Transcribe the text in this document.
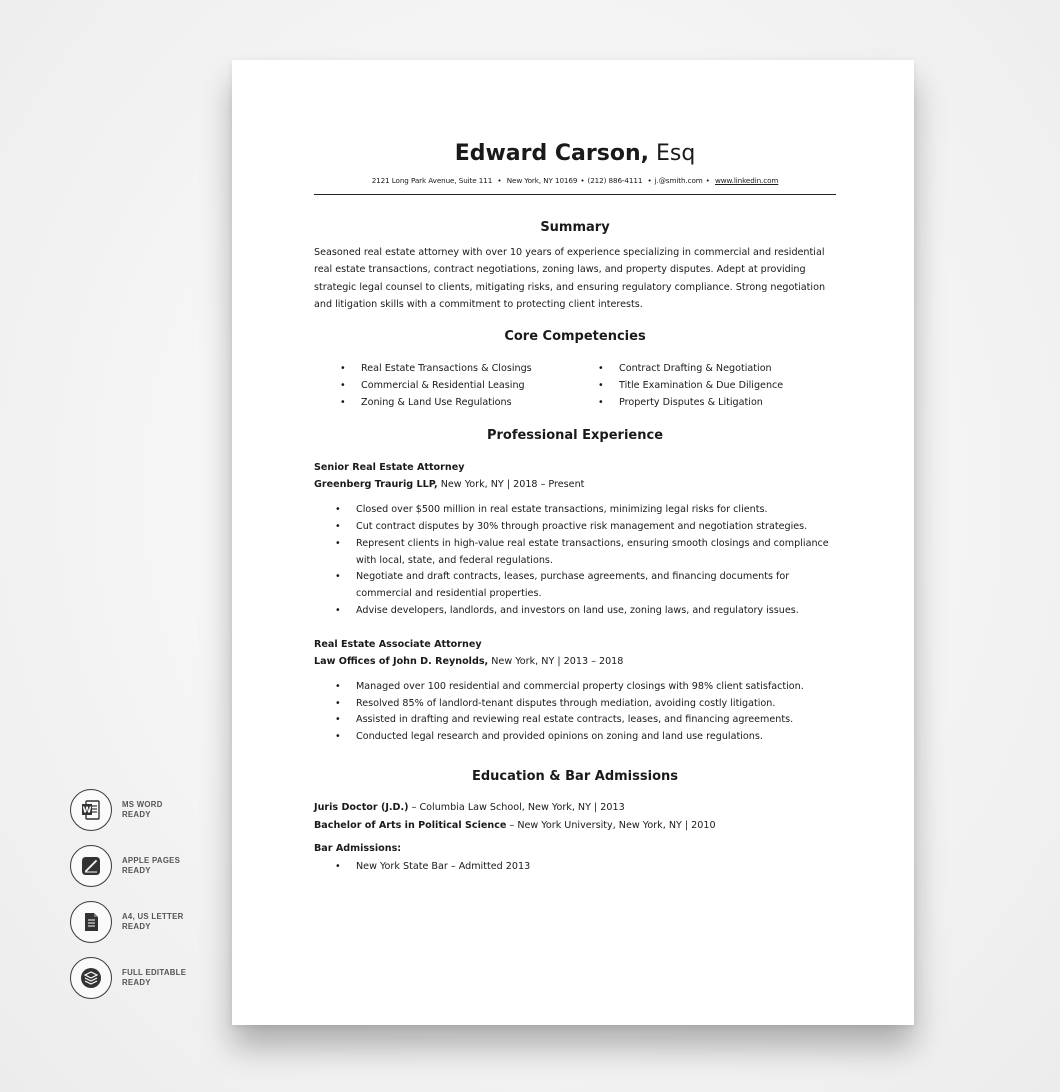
Edward Carson, Esq
2121 Long Park Avenue, Suite 111 • New York, NY 10169 • (212) 886-4111 • j.@smith.com • www.linkedin.com
Summary
Seasoned real estate attorney with over 10 years of experience specializing in commercial and residential real estate transactions, contract negotiations, zoning laws, and property disputes. Adept at providing strategic legal counsel to clients, mitigating risks, and ensuring regulatory compliance. Strong negotiation and litigation skills with a commitment to protecting client interests.
Core Competencies
• Real Estate Transactions & Closings
• Commercial & Residential Leasing
• Zoning & Land Use Regulations
• Contract Drafting & Negotiation
• Title Examination & Due Diligence
• Property Disputes & Litigation
Professional Experience
Senior Real Estate Attorney
Greenberg Traurig LLP, New York, NY | 2018 – Present
• Closed over $500 million in real estate transactions, minimizing legal risks for clients.
• Cut contract disputes by 30% through proactive risk management and negotiation strategies.
• Represent clients in high-value real estate transactions, ensuring smooth closings and compliance with local, state, and federal regulations.
• Negotiate and draft contracts, leases, purchase agreements, and financing documents for commercial and residential properties.
• Advise developers, landlords, and investors on land use, zoning laws, and regulatory issues.
Real Estate Associate Attorney
Law Offices of John D. Reynolds, New York, NY | 2013 – 2018
• Managed over 100 residential and commercial property closings with 98% client satisfaction.
• Resolved 85% of landlord-tenant disputes through mediation, avoiding costly litigation.
• Assisted in drafting and reviewing real estate contracts, leases, and financing agreements.
• Conducted legal research and provided opinions on zoning and land use regulations.
Education & Bar Admissions
Juris Doctor (J.D.) – Columbia Law School, New York, NY | 2013
Bachelor of Arts in Political Science – New York University, New York, NY | 2010
Bar Admissions:
• New York State Bar – Admitted 2013
W
MS WORD
READY
APPLE PAGES
READY
A4, US LETTER
READY
FULL EDITABLE
READY
